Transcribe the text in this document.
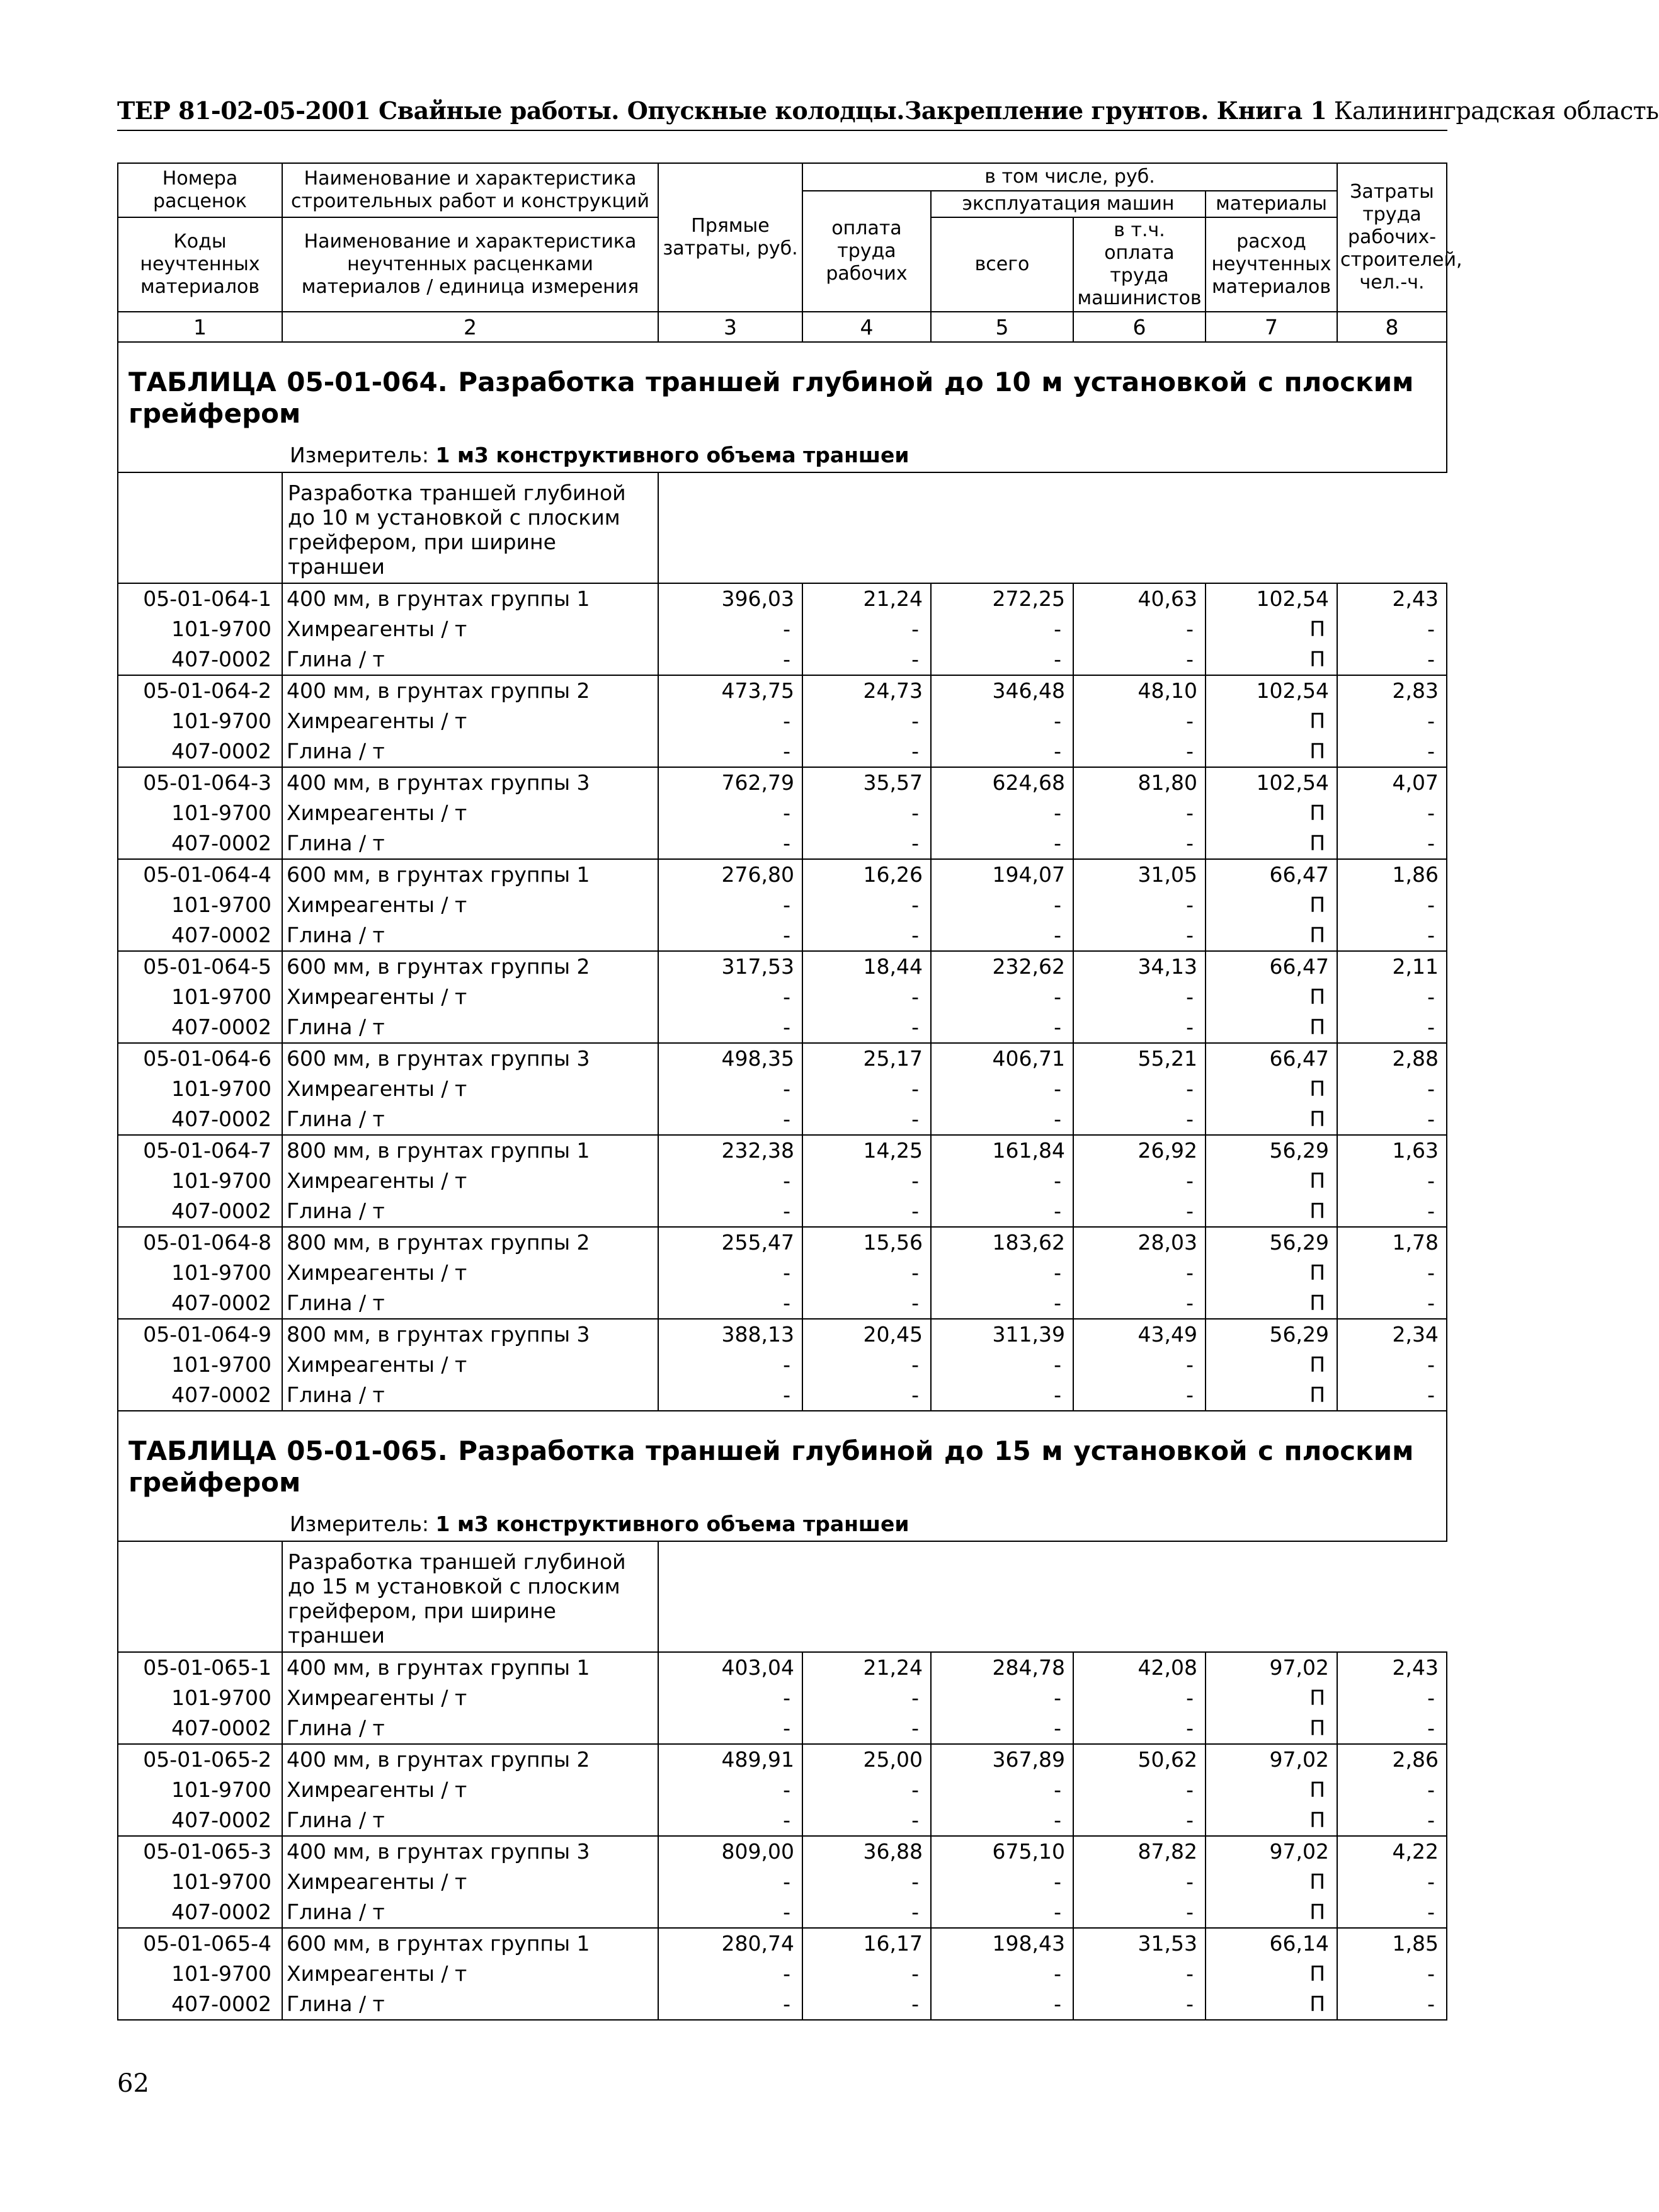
ТЕР 81-02-05-2001 Свайные работы. Опускные колодцы.Закрепление грунтов. Книга 1 Калининградская область
Номера расценок	Наименование и характеристика строительных работ и конструкций	Прямые затраты, руб.	в том числе, руб.				Затраты труда рабочих-строителей, чел.-ч.
			оплата труда рабочих	эксплуатация машин		материалы	
Коды неучтенных материалов	Наименование и характеристика неучтенных расценками материалов / единица измерения			всего	в т.ч. оплата труда машинистов	расход неучтенных материалов	

1	2	3	4	5	6	7	8

ТАБЛИЦА 05-01-064. Разработка траншей глубиной до 10 м установкой с плоским грейфером
Измеритель: 1 м3 конструктивного объема траншеи							

	Разработка траншей глубиной до 10 м установкой с плоским грейфером, при ширине траншеи						
05-01-064-1	400 мм, в грунтах группы 1	396,03	21,24	272,25	40,63	102,54	2,43
101-9700	Химреагенты / т	-	-	-	-	П	-
407-0002	Глина / т	-	-	-	-	П	-
05-01-064-2	400 мм, в грунтах группы 2	473,75	24,73	346,48	48,10	102,54	2,83
101-9700	Химреагенты / т	-	-	-	-	П	-
407-0002	Глина / т	-	-	-	-	П	-
05-01-064-3	400 мм, в грунтах группы 3	762,79	35,57	624,68	81,80	102,54	4,07
101-9700	Химреагенты / т	-	-	-	-	П	-
407-0002	Глина / т	-	-	-	-	П	-
05-01-064-4	600 мм, в грунтах группы 1	276,80	16,26	194,07	31,05	66,47	1,86
101-9700	Химреагенты / т	-	-	-	-	П	-
407-0002	Глина / т	-	-	-	-	П	-
05-01-064-5	600 мм, в грунтах группы 2	317,53	18,44	232,62	34,13	66,47	2,11
101-9700	Химреагенты / т	-	-	-	-	П	-
407-0002	Глина / т	-	-	-	-	П	-
05-01-064-6	600 мм, в грунтах группы 3	498,35	25,17	406,71	55,21	66,47	2,88
101-9700	Химреагенты / т	-	-	-	-	П	-
407-0002	Глина / т	-	-	-	-	П	-
05-01-064-7	800 мм, в грунтах группы 1	232,38	14,25	161,84	26,92	56,29	1,63
101-9700	Химреагенты / т	-	-	-	-	П	-
407-0002	Глина / т	-	-	-	-	П	-
05-01-064-8	800 мм, в грунтах группы 2	255,47	15,56	183,62	28,03	56,29	1,78
101-9700	Химреагенты / т	-	-	-	-	П	-
407-0002	Глина / т	-	-	-	-	П	-
05-01-064-9	800 мм, в грунтах группы 3	388,13	20,45	311,39	43,49	56,29	2,34
101-9700	Химреагенты / т	-	-	-	-	П	-
407-0002	Глина / т	-	-	-	-	П	-

ТАБЛИЦА 05-01-065. Разработка траншей глубиной до 15 м установкой с плоским грейфером
Измеритель: 1 м3 конструктивного объема траншеи							

	Разработка траншей глубиной до 15 м установкой с плоским грейфером, при ширине траншеи						
05-01-065-1	400 мм, в грунтах группы 1	403,04	21,24	284,78	42,08	97,02	2,43
101-9700	Химреагенты / т	-	-	-	-	П	-
407-0002	Глина / т	-	-	-	-	П	-
05-01-065-2	400 мм, в грунтах группы 2	489,91	25,00	367,89	50,62	97,02	2,86
101-9700	Химреагенты / т	-	-	-	-	П	-
407-0002	Глина / т	-	-	-	-	П	-
05-01-065-3	400 мм, в грунтах группы 3	809,00	36,88	675,10	87,82	97,02	4,22
101-9700	Химреагенты / т	-	-	-	-	П	-
407-0002	Глина / т	-	-	-	-	П	-
05-01-065-4	600 мм, в грунтах группы 1	280,74	16,17	198,43	31,53	66,14	1,85
101-9700	Химреагенты / т	-	-	-	-	П	-
407-0002	Глина / т	-	-	-	-	П	-
62
